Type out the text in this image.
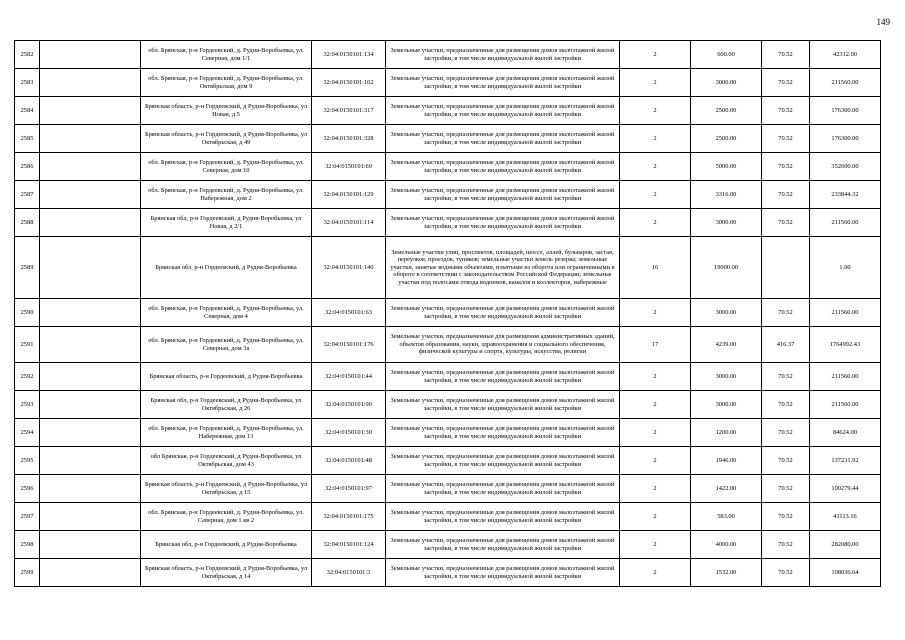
149
2582		обл. Брянская, р-н Гордеевский, д. Рудня-Воробьевка, ул. Северная, дом 1/1	32:04:0150101:134	Земельные участки, предназначенные для размещения домов малоэтажной жилой застройки, в том числе индивидуальной жилой застройки	2	600.00	70.52	42312.00
2583		обл. Брянская, р-н Гордеевский, д. Рудня-Воробьевка, ул. Октябрьская, дом 9	32:04:0150101:102	Земельные участки, предназначенные для размещения домов малоэтажной жилой застройки, в том числе индивидуальной жилой застройки	2	3000.00	70.52	211560.00
2584		Брянская область, р-н Гордеевский, д Рудня-Воробьевка, ул Новая, д 5	32:04:0150101:317	Земельные участки, предназначенные для размещения домов малоэтажной жилой застройки, в том числе индивидуальной жилой застройки	2	2500.00	70.52	176300.00
2585		Брянская область, р-н Гордеевский, д Рудня-Воробьевка, ул Октябрьская, д 49	32:04:0150101:328	Земельные участки, предназначенные для размещения домов малоэтажной жилой застройки, в том числе индивидуальной жилой застройки	2	2500.00	70.52	176300.00
2586		обл. Брянская, р-н Гордеевский, д. Рудня-Воробьевка, ул. Северная, дом 10	32:04:0150101:69	Земельные участки, предназначенные для размещения домов малоэтажной жилой застройки, в том числе индивидуальной жилой застройки	2	5000.00	70.52	352600.00
2587		обл. Брянская, р-н Гордеевский, д. Рудня-Воробьевка, ул. Набережная, дом 2	32:04:0150101:129	Земельные участки, предназначенные для размещения домов малоэтажной жилой застройки, в том числе индивидуальной жилой застройки	2	3316.00	70.52	233844.32
2588		Брянская обл, р-н Гордеевский, д Рудня-Воробьевка, ул Новая, д 2/1	32:04:0150101:114	Земельные участки, предназначенные для размещения домов малоэтажной жилой застройки, в том числе индивидуальной жилой застройки	2	3000.00	70.52	211560.00
2589		Брянская обл, р-н Гордеевский, д Рудня-Воробьевка	32:04:0150101:140	Земельные участки улиц, проспектов, площадей, шоссе, аллей, бульваров, застав, переулков, проездов, тупиков; земельные участки земель резерва; земельные участки, занятые водными объектами, изъятыми из оборота или ограниченными в обороте в соответствии с законодательством Российской Федерации; земельные участки под полосами отвода водоемов, каналов и коллекторов, набережные	16	19000.00		1.00
2590		обл. Брянская, р-н Гордеевский, д. Рудня-Воробьевка, ул. Северная, дом 4	32:04:0150101:63	Земельные участки, предназначенные для размещения домов малоэтажной жилой застройки, в том числе индивидуальной жилой застройки	2	3000.00	70.52	211560.00
2591		обл. Брянская, р-н Гордеевский, д. Рудня-Воробьевка, ул. Северная, дом 3а	32:04:0150101:176	Земельные участки, предназначенные для размещения административных зданий, объектов образования, науки, здравоохранения и социального обеспечения, физической культуры и спорта, культуры, искусства, религии	17	4239.00	416.37	1764992.43
2592		Брянская область, р-н Гордеевский, д Рудня-Воробьевка	32:04:0150101:44	Земельные участки, предназначенные для размещения домов малоэтажной жилой застройки, в том числе индивидуальной жилой застройки	2	3000.00	70.52	211560.00
2593		Брянская обл, р-н Гордеевский, д Рудня-Воробьевка, ул Октябрьская, д 26	32:04:0150101:90	Земельные участки, предназначенные для размещения домов малоэтажной жилой застройки, в том числе индивидуальной жилой застройки	2	3000.00	70.52	211560.00
2594		обл. Брянская, р-н Гордеевский, д. Рудня-Воробьевка, ул. Набережная, дом 13	32:04:0150101:30	Земельные участки, предназначенные для размещения домов малоэтажной жилой застройки, в том числе индивидуальной жилой застройки	2	1200.00	70.52	84624.00
2595		обл Брянская, р-н Гордеевский, д Рудня-Воробьевка, ул Октябрьская, дом 43	32:04:0150101:48	Земельные участки, предназначенные для размещения домов малоэтажной жилой застройки, в том числе индивидуальной жилой застройки	2	1946.00	70.52	137231.92
2596		Брянская область, р-н Гордеевский, д Рудня-Воробьевка, ул Октябрьская, д 15	32:04:0150101:97	Земельные участки, предназначенные для размещения домов малоэтажной жилой застройки, в том числе индивидуальной жилой застройки	2	1422.00	70.52	100279.44
2597		обл. Брянская, р-н Гордеевский, д. Рудня-Воробьевка, ул. Северная, дом 1 кв 2	32:04:0150101:175	Земельные участки, предназначенные для размещения домов малоэтажной жилой застройки, в том числе индивидуальной жилой застройки	2	583.00	70.52	41113.16
2598		Брянская обл, р-н Гордеевский, д Рудня-Воробьевка	32:04:0150101:124	Земельные участки, предназначенные для размещения домов малоэтажной жилой застройки, в том числе индивидуальной жилой застройки	2	4000.00	70.52	282080.00
2599		Брянская область, р-н Гордеевский, д Рудня-Воробьевка, ул Октябрьская, д 14	32:04:0150101:3	Земельные участки, предназначенные для размещения домов малоэтажной жилой застройки, в том числе индивидуальной жилой застройки	2	1532.00	70.52	108036.64
